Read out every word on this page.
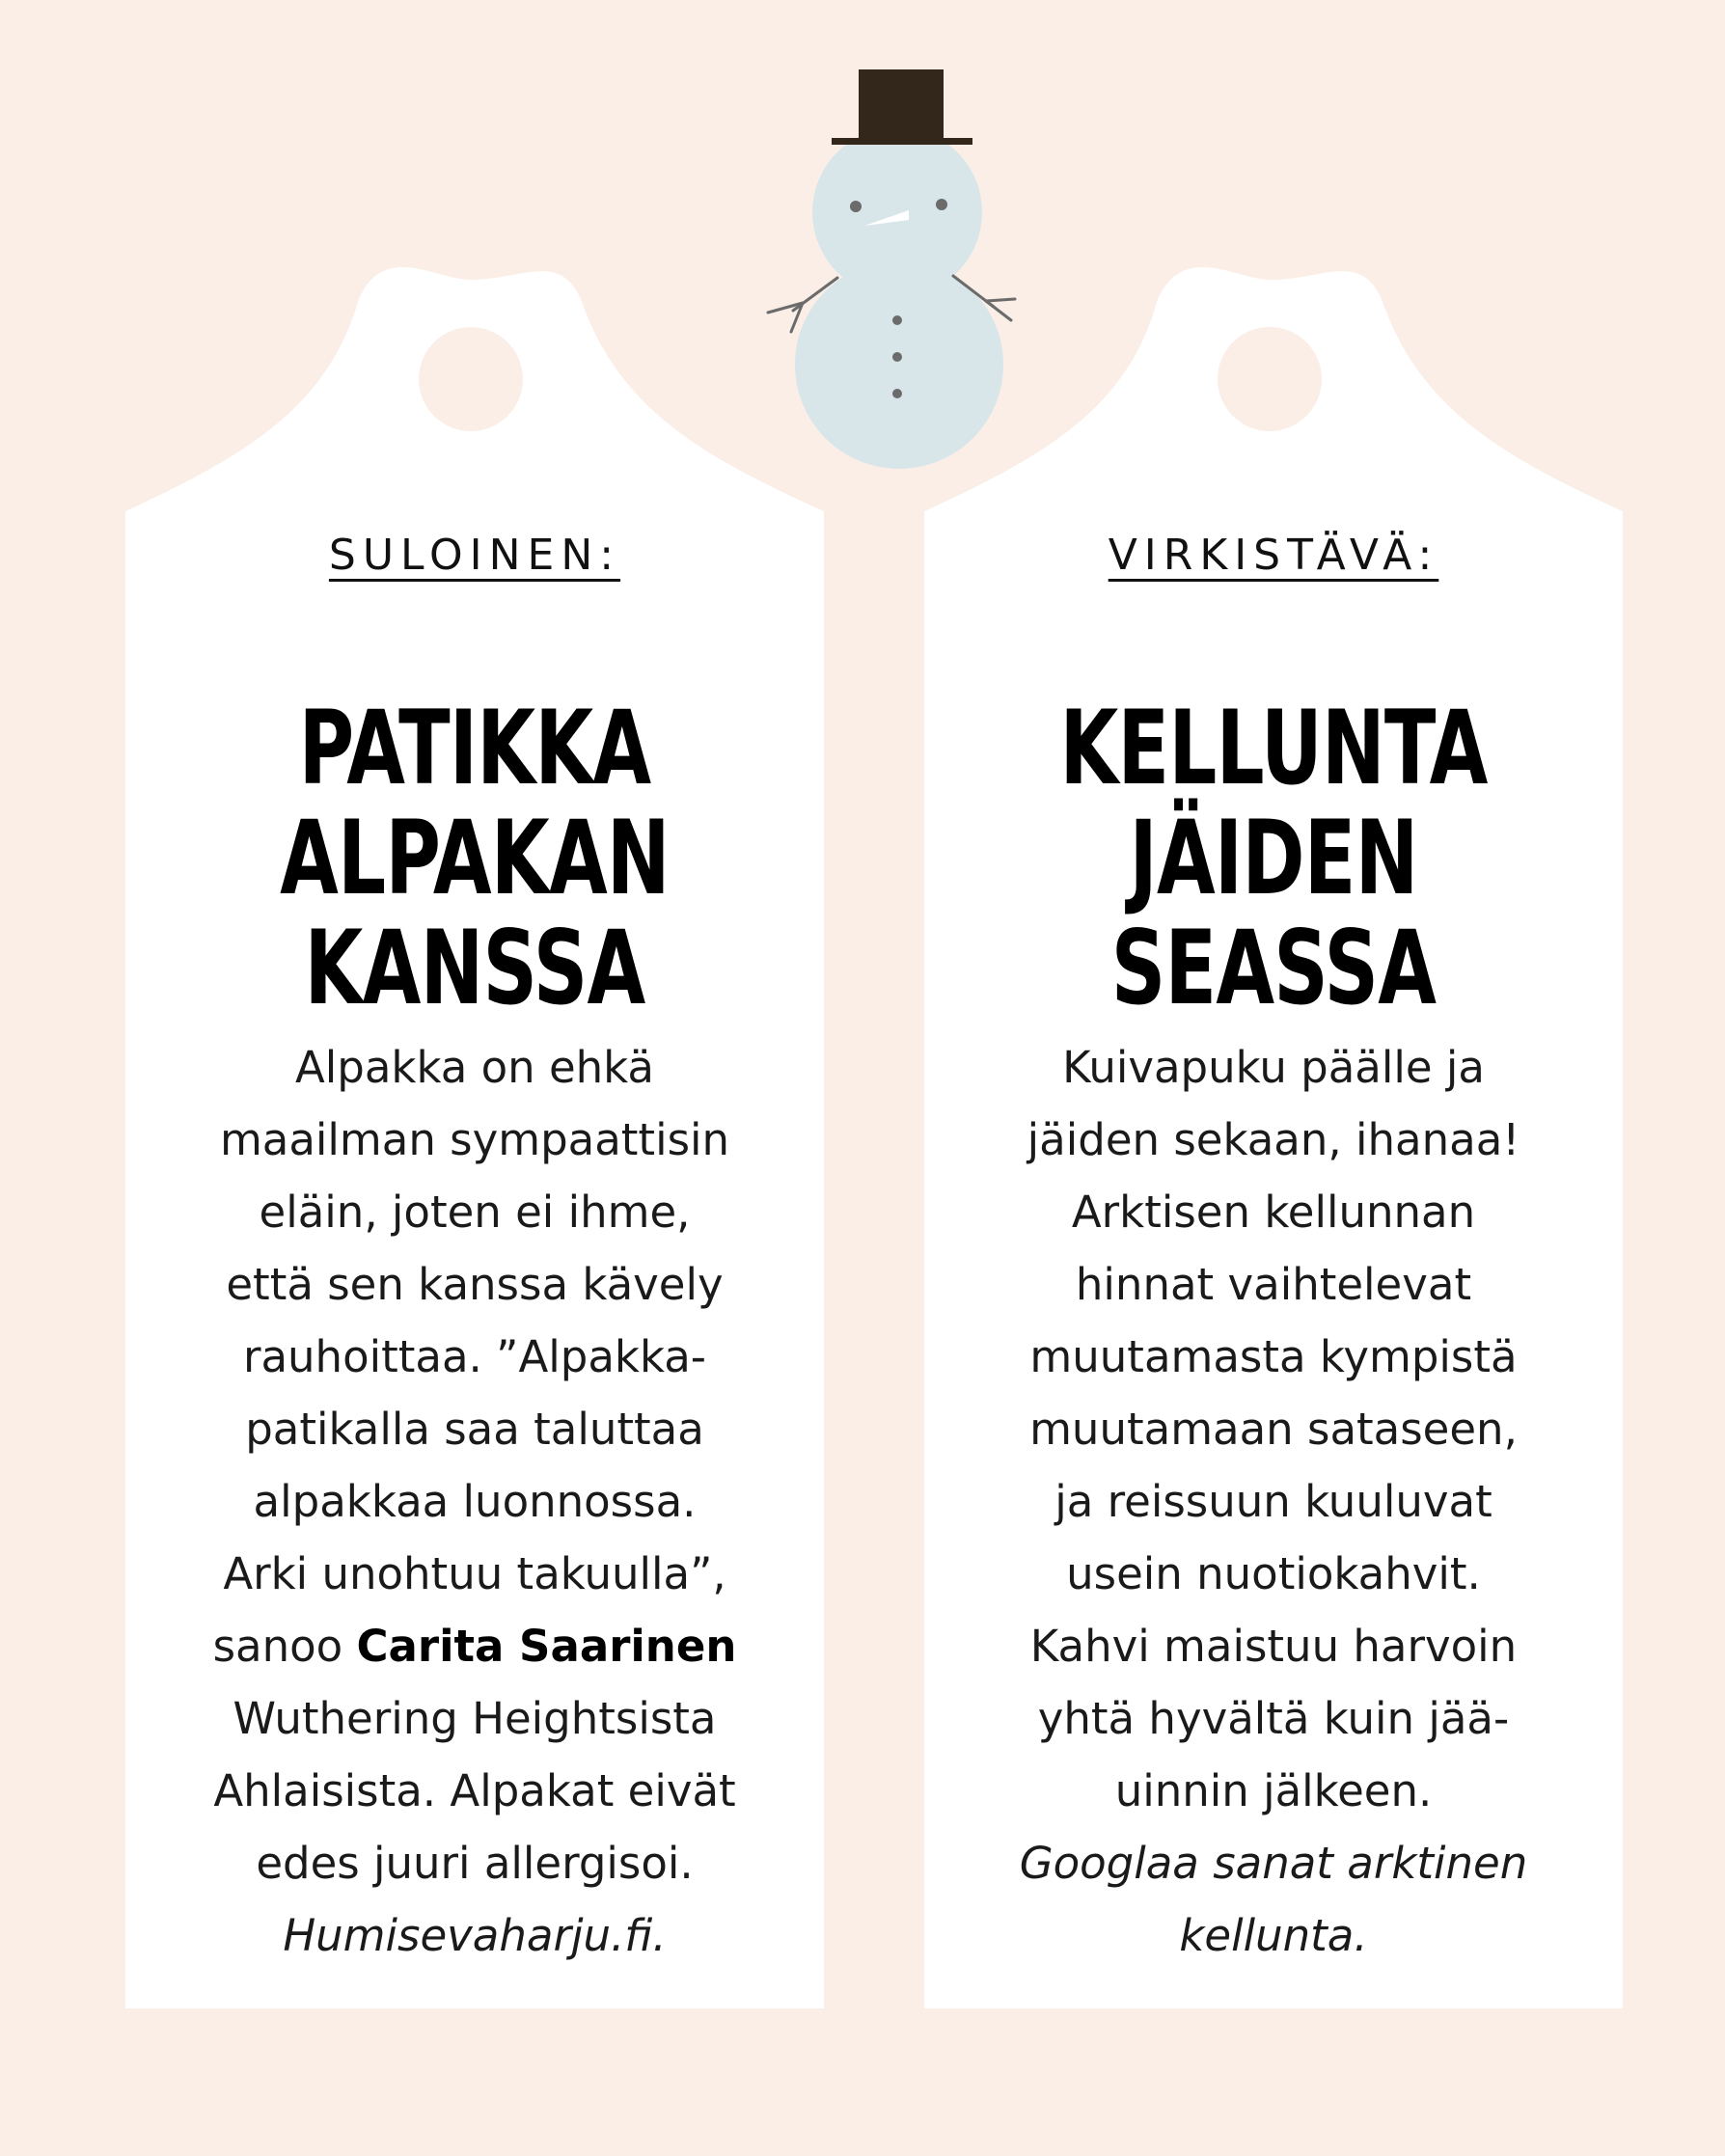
SULOINEN:
PATIKKA
ALPAKAN
KANSSA
Alpakka on ehkä
maailman sympaattisin
eläin, joten ei ihme,
että sen kanssa kävely
rauhoittaa. ”Alpakka-
patikalla saa taluttaa
alpakkaa luonnossa.
Arki unohtuu takuulla”,
sanoo Carita Saarinen
Wuthering Heightsista
Ahlaisista. Alpakat eivät
edes juuri allergisoi.
Humisevaharju.fi.
VIRKISTÄVÄ:
KELLUNTA
JÄIDEN
SEASSA
Kuivapuku päälle ja
jäiden sekaan, ihanaa!
Arktisen kellunnan
hinnat vaihtelevat
muutamasta kympistä
muutamaan sataseen,
ja reissuun kuuluvat
usein nuotiokahvit.
Kahvi maistuu harvoin
yhtä hyvältä kuin jää-
uinnin jälkeen.
Googlaa sanat arktinen
kellunta.
